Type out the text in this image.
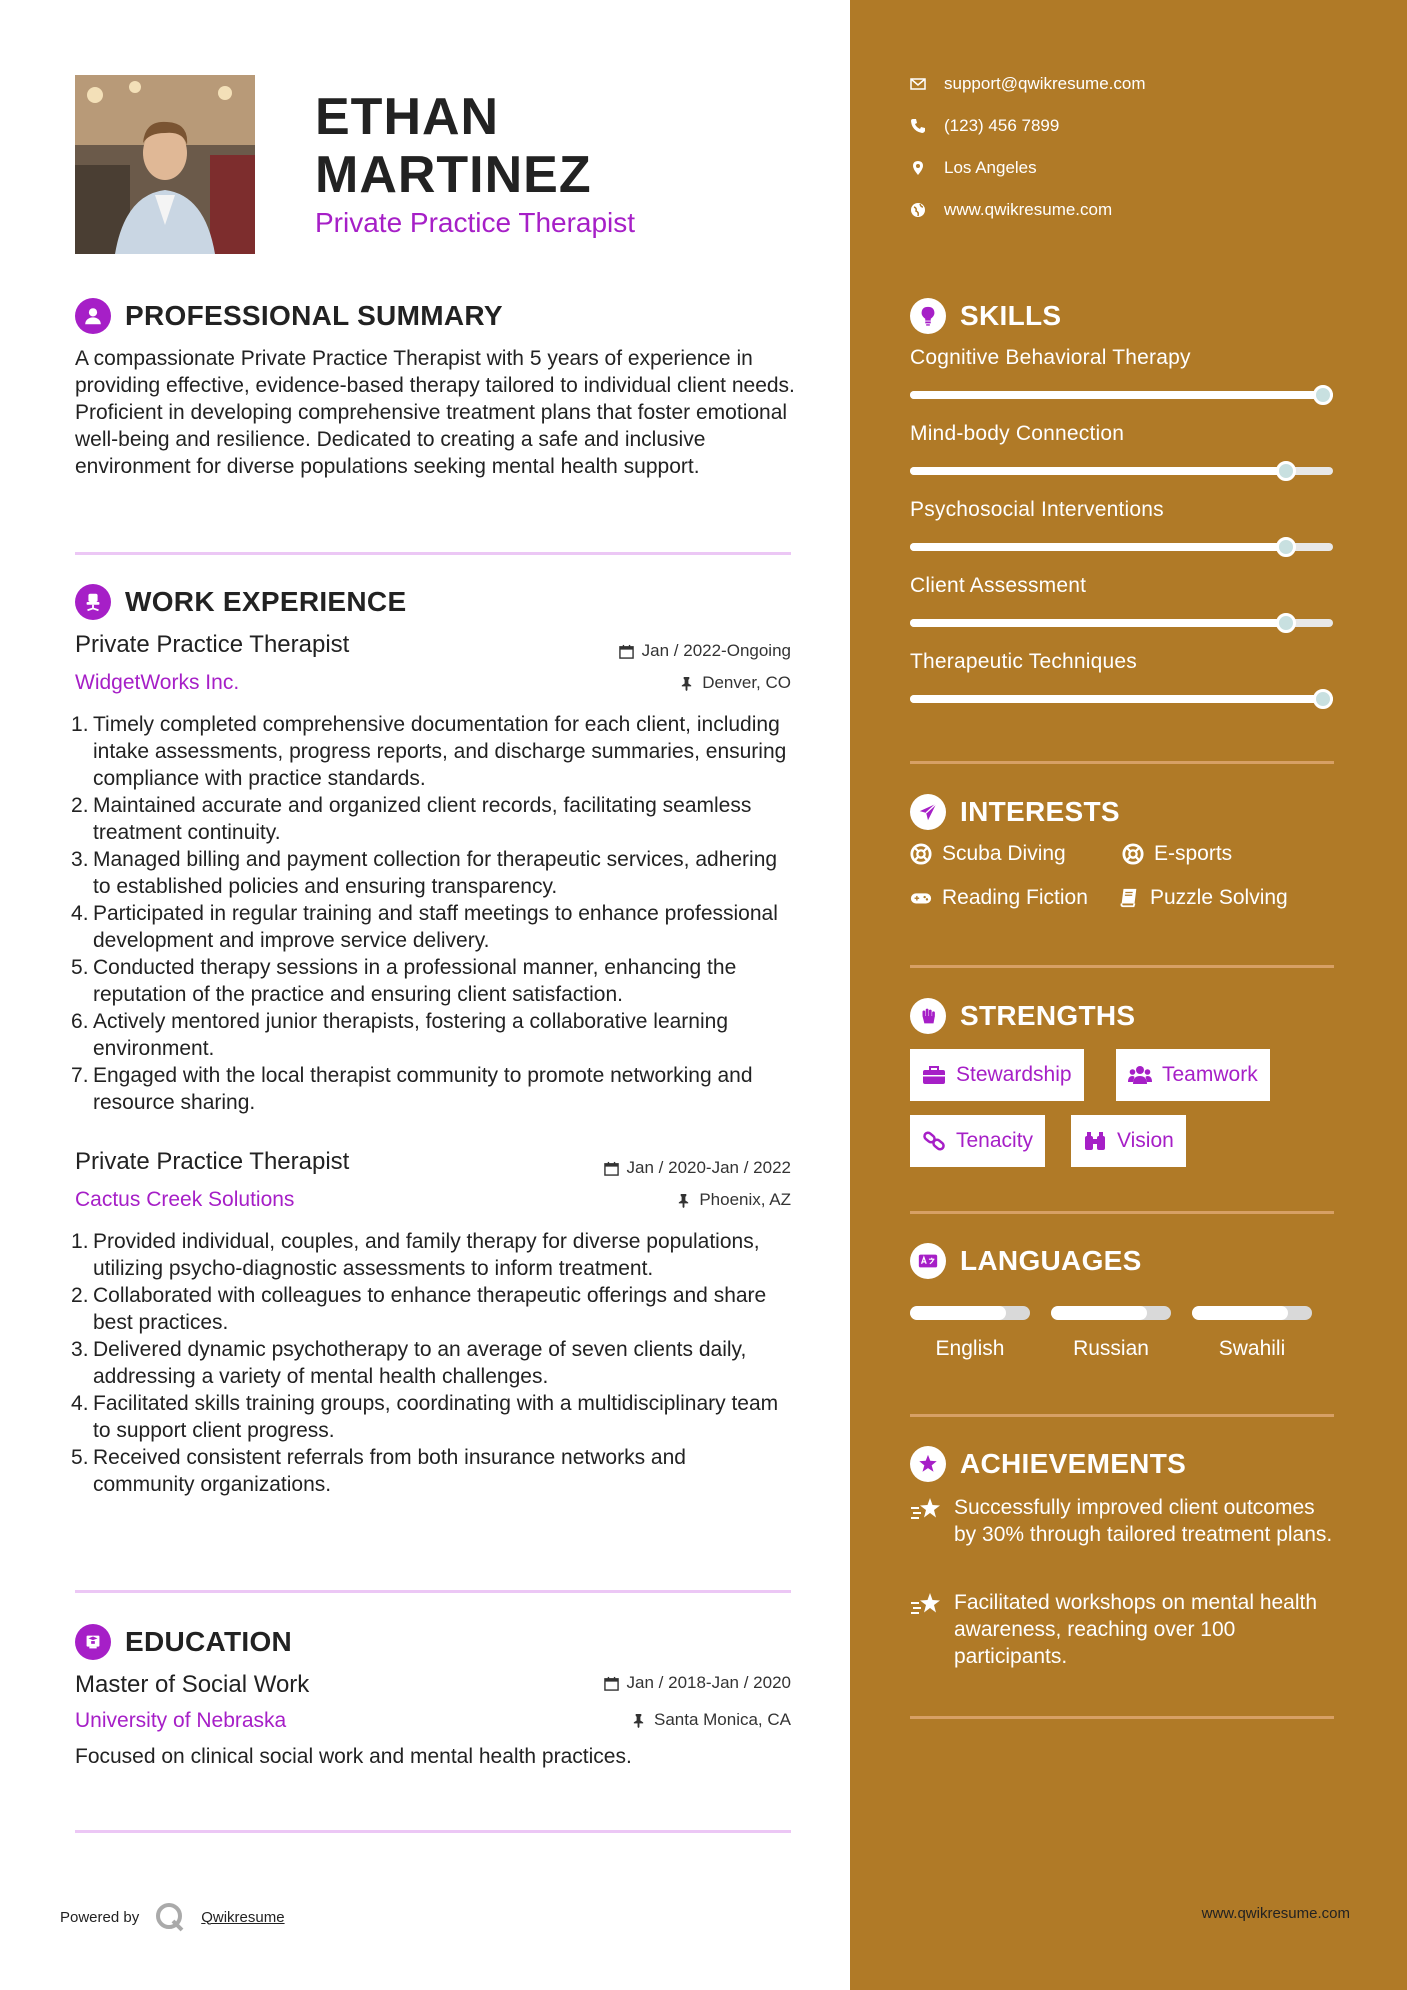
ETHAN
MARTINEZ
Private Practice Therapist
PROFESSIONAL SUMMARY
A compassionate Private Practice Therapist with 5 years of experience in providing effective, evidence-based therapy tailored to individual client needs. Proficient in developing comprehensive treatment plans that foster emotional well-being and resilience. Dedicated to creating a safe and inclusive environment for diverse populations seeking mental health support.
WORK EXPERIENCE
Private Practice Therapist	Jan / 2022-Ongoing
WidgetWorks Inc.	Denver, CO
Timely completed comprehensive documentation for each client, including intake assessments, progress reports, and discharge summaries, ensuring compliance with practice standards.
Maintained accurate and organized client records, facilitating seamless treatment continuity.
Managed billing and payment collection for therapeutic services, adhering to established policies and ensuring transparency.
Participated in regular training and staff meetings to enhance professional development and improve service delivery.
Conducted therapy sessions in a professional manner, enhancing the reputation of the practice and ensuring client satisfaction.
Actively mentored junior therapists, fostering a collaborative learning environment.
Engaged with the local therapist community to promote networking and resource sharing.
Private Practice Therapist	Jan / 2020-Jan / 2022
Cactus Creek Solutions	Phoenix, AZ
Provided individual, couples, and family therapy for diverse populations, utilizing psycho-diagnostic assessments to inform treatment.
Collaborated with colleagues to enhance therapeutic offerings and share best practices.
Delivered dynamic psychotherapy to an average of seven clients daily, addressing a variety of mental health challenges.
Facilitated skills training groups, coordinating with a multidisciplinary team to support client progress.
Received consistent referrals from both insurance networks and community organizations.
EDUCATION
Master of Social Work	Jan / 2018-Jan / 2020
University of Nebraska	Santa Monica, CA
Focused on clinical social work and mental health practices.
Powered by	Qwikresume
support@qwikresume.com
(123) 456 7899
Los Angeles
www.qwikresume.com
SKILLS
Cognitive Behavioral Therapy
Mind-body Connection
Psychosocial Interventions
Client Assessment
Therapeutic Techniques
INTERESTS
Scuba Diving	E-sports
Reading Fiction	Puzzle Solving
STRENGTHS
Stewardship	Teamwork
Tenacity	Vision
LANGUAGES
English	Russian	Swahili
ACHIEVEMENTS
Successfully improved client outcomes by 30% through tailored treatment plans.
Facilitated workshops on mental health awareness, reaching over 100 participants.
www.qwikresume.com
